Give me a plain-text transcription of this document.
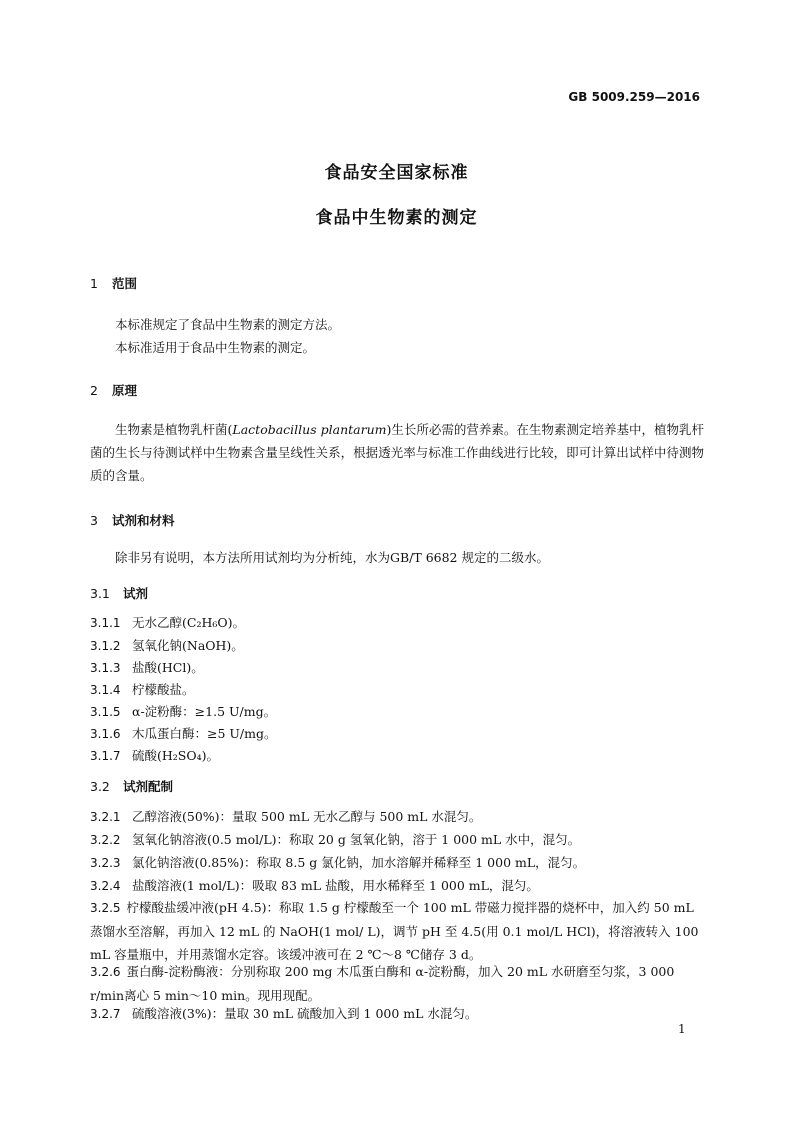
GB 5009.259—2016
食品安全国家标准
食品中生物素的测定
1 范围
本标准规定了食品中生物素的测定方法。
本标准适用于食品中生物素的测定。
2 原理
生物素是植物乳杆菌(Lactobacillus plantarum)生长所必需的营养素。在生物素测定培养基中，植物乳杆菌的生长与待测试样中生物素含量呈线性关系，根据透光率与标准工作曲线进行比较，即可计算出试样中待测物质的含量。
3 试剂和材料
除非另有说明，本方法所用试剂均为分析纯，水为GB/T 6682 规定的二级水。
3.1 试剂
3.1.1 无水乙醇(C₂H₆O)。
3.1.2 氢氧化钠(NaOH)。
3.1.3 盐酸(HCl)。
3.1.4 柠檬酸盐。
3.1.5 α-淀粉酶：≥1.5 U/mg。
3.1.6 木瓜蛋白酶：≥5 U/mg。
3.1.7 硫酸(H₂SO₄)。
3.2 试剂配制
3.2.1 乙醇溶液(50%)：量取 500 mL 无水乙醇与 500 mL 水混匀。
3.2.2 氢氧化钠溶液(0.5 mol/L)：称取 20 g 氢氧化钠，溶于 1 000 mL 水中，混匀。
3.2.3 氯化钠溶液(0.85%)：称取 8.5 g 氯化钠，加水溶解并稀释至 1 000 mL，混匀。
3.2.4 盐酸溶液(1 mol/L)：吸取 83 mL 盐酸，用水稀释至 1 000 mL，混匀。
3.2.5 柠檬酸盐缓冲液(pH 4.5)：称取 1.5 g 柠檬酸至一个 100 mL 带磁力搅拌器的烧杯中，加入约 50 mL蒸馏水至溶解，再加入 12 mL 的 NaOH(1 mol/ L)，调节 pH 至 4.5(用 0.1 mol/L HCl)，将溶液转入 100 mL 容量瓶中，并用蒸馏水定容。该缓冲液可在 2 ℃～8 ℃储存 3 d。
3.2.6 蛋白酶-淀粉酶液：分别称取 200 mg 木瓜蛋白酶和 α-淀粉酶，加入 20 mL 水研磨至匀浆，3 000 r/min离心 5 min～10 min。现用现配。
3.2.7 硫酸溶液(3%)：量取 30 mL 硫酸加入到 1 000 mL 水混匀。
1
